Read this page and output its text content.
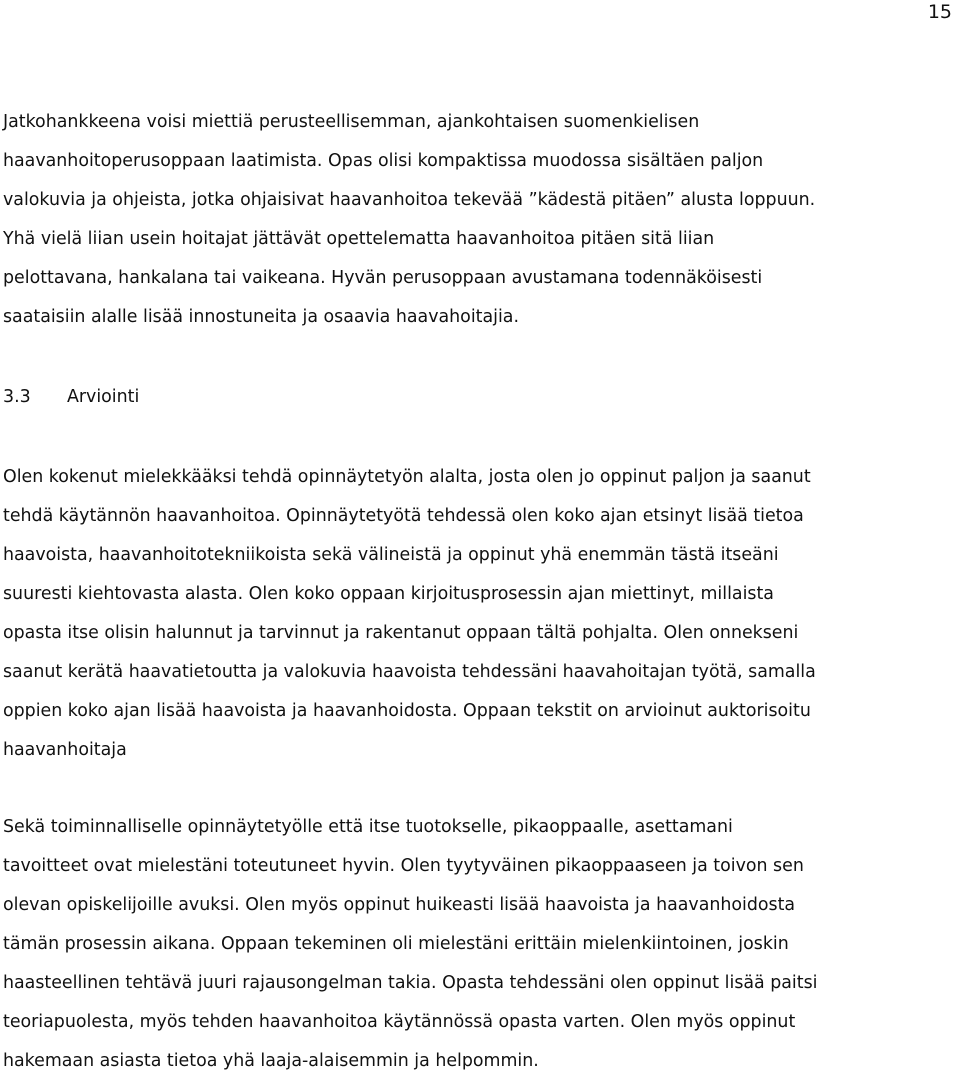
15

Jatkohankkeena voisi miettiä perusteellisemman, ajankohtaisen suomenkielisen
haavanhoitoperusoppaan laatimista. Opas olisi kompaktissa muodossa sisältäen paljon
valokuvia ja ohjeista, jotka ohjaisivat haavanhoitoa tekevää ”kädestä pitäen” alusta loppuun.
Yhä vielä liian usein hoitajat jättävät opettelematta haavanhoitoa pitäen sitä liian
pelottavana, hankalana tai vaikeana. Hyvän perusoppaan avustamana todennäköisesti
saataisiin alalle lisää innostuneita ja osaavia haavahoitajia.

3.3 Arviointi

Olen kokenut mielekkääksi tehdä opinnäytetyön alalta, josta olen jo oppinut paljon ja saanut
tehdä käytännön haavanhoitoa. Opinnäytetyötä tehdessä olen koko ajan etsinyt lisää tietoa
haavoista, haavanhoitotekniikoista sekä välineistä ja oppinut yhä enemmän tästä itseäni
suuresti kiehtovasta alasta. Olen koko oppaan kirjoitusprosessin ajan miettinyt, millaista
opasta itse olisin halunnut ja tarvinnut ja rakentanut oppaan tältä pohjalta. Olen onnekseni
saanut kerätä haavatietoutta ja valokuvia haavoista tehdessäni haavahoitajan työtä, samalla
oppien koko ajan lisää haavoista ja haavanhoidosta. Oppaan tekstit on arvioinut auktorisoitu
haavanhoitaja

Sekä toiminnalliselle opinnäytetyölle että itse tuotokselle, pikaoppaalle, asettamani
tavoitteet ovat mielestäni toteutuneet hyvin. Olen tyytyväinen pikaoppaaseen ja toivon sen
olevan opiskelijoille avuksi. Olen myös oppinut huikeasti lisää haavoista ja haavanhoidosta
tämän prosessin aikana. Oppaan tekeminen oli mielestäni erittäin mielenkiintoinen, joskin
haasteellinen tehtävä juuri rajausongelman takia. Opasta tehdessäni olen oppinut lisää paitsi
teoriapuolesta, myös tehden haavanhoitoa käytännössä opasta varten. Olen myös oppinut
hakemaan asiasta tietoa yhä laaja-alaisemmin ja helpommin.
